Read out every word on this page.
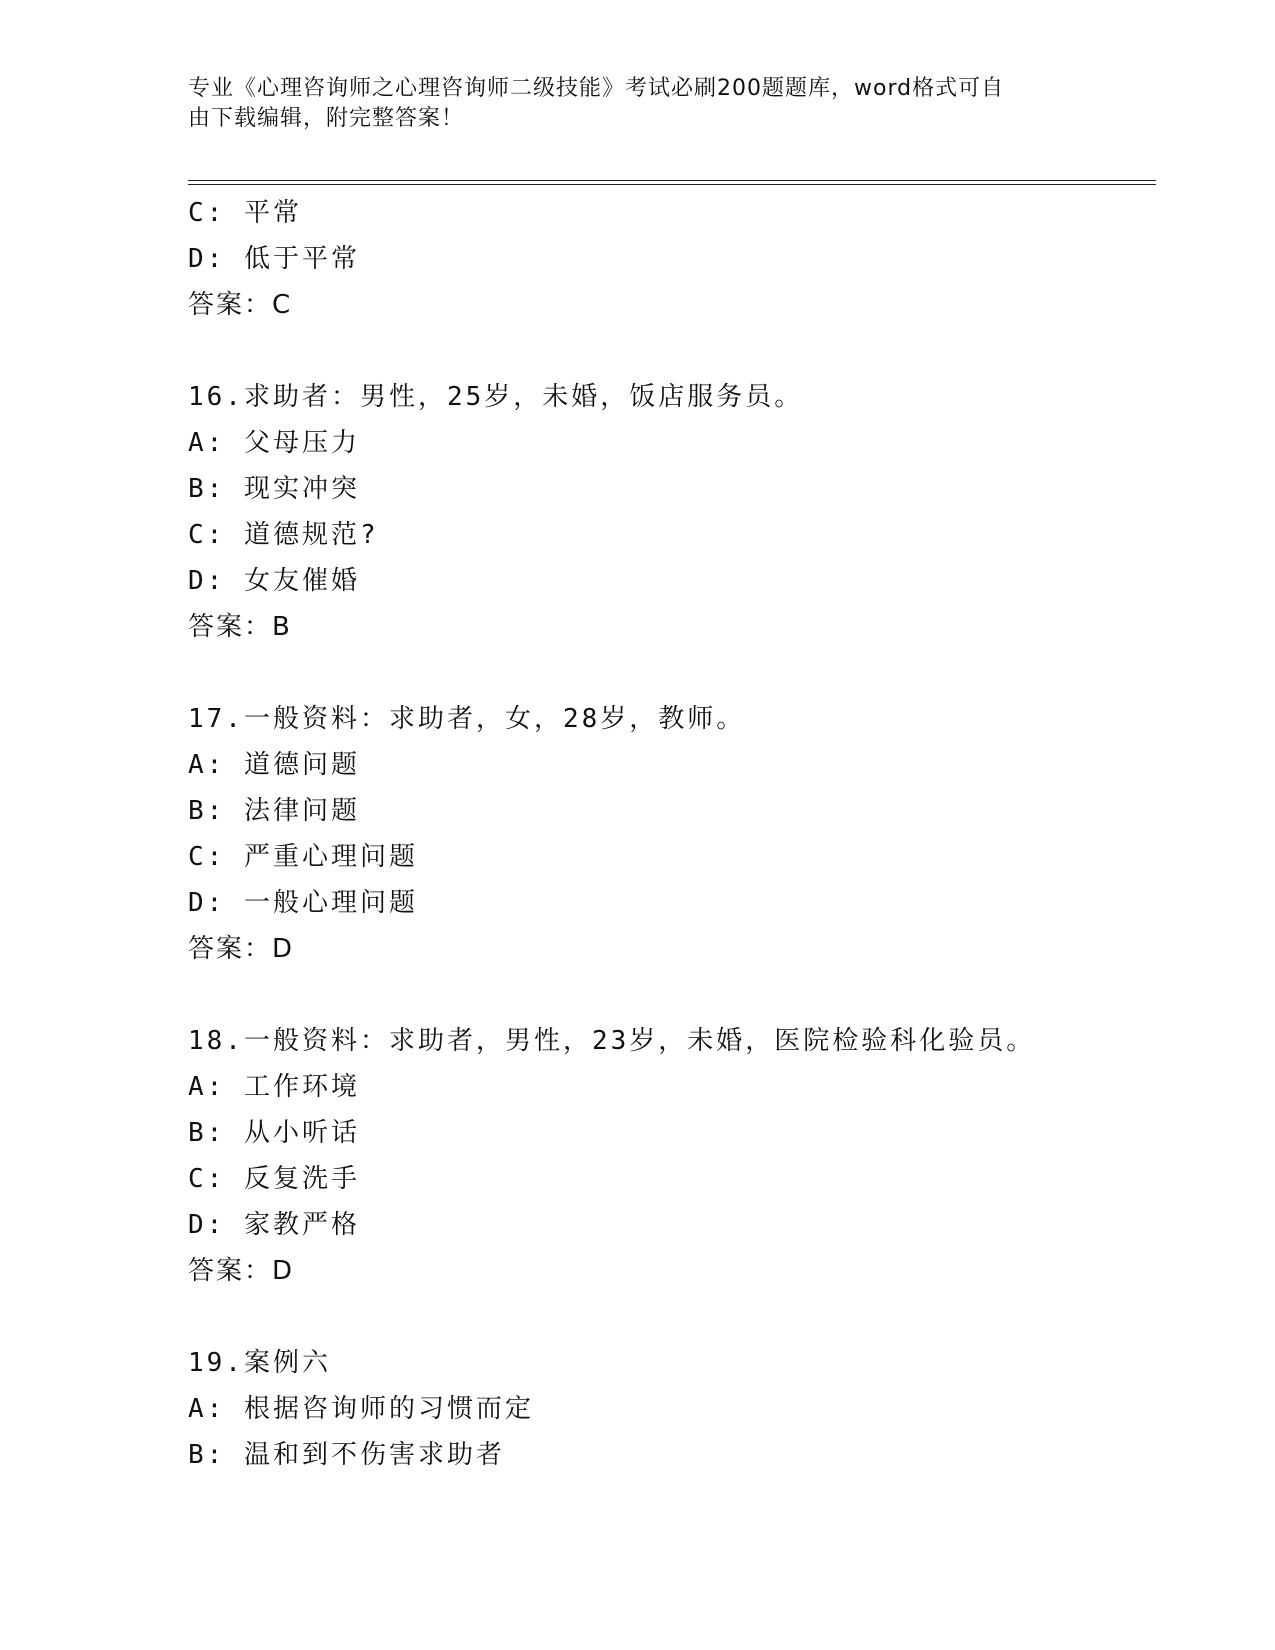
专业《心理咨询师之心理咨询师二级技能》考试必刷200题题库，word格式可自
由下载编辑，附完整答案！
C: 平常
D: 低于平常
答案：C
16.求助者：男性，25岁，未婚，饭店服务员。
A: 父母压力
B: 现实冲突
C: 道德规范?
D: 女友催婚
答案：B
17.一般资料：求助者，女，28岁，教师。
A: 道德问题
B: 法律问题
C: 严重心理问题
D: 一般心理问题
答案：D
18.一般资料：求助者，男性，23岁，未婚，医院检验科化验员。
A: 工作环境
B: 从小听话
C: 反复洗手
D: 家教严格
答案：D
19.案例六
A: 根据咨询师的习惯而定
B: 温和到不伤害求助者
